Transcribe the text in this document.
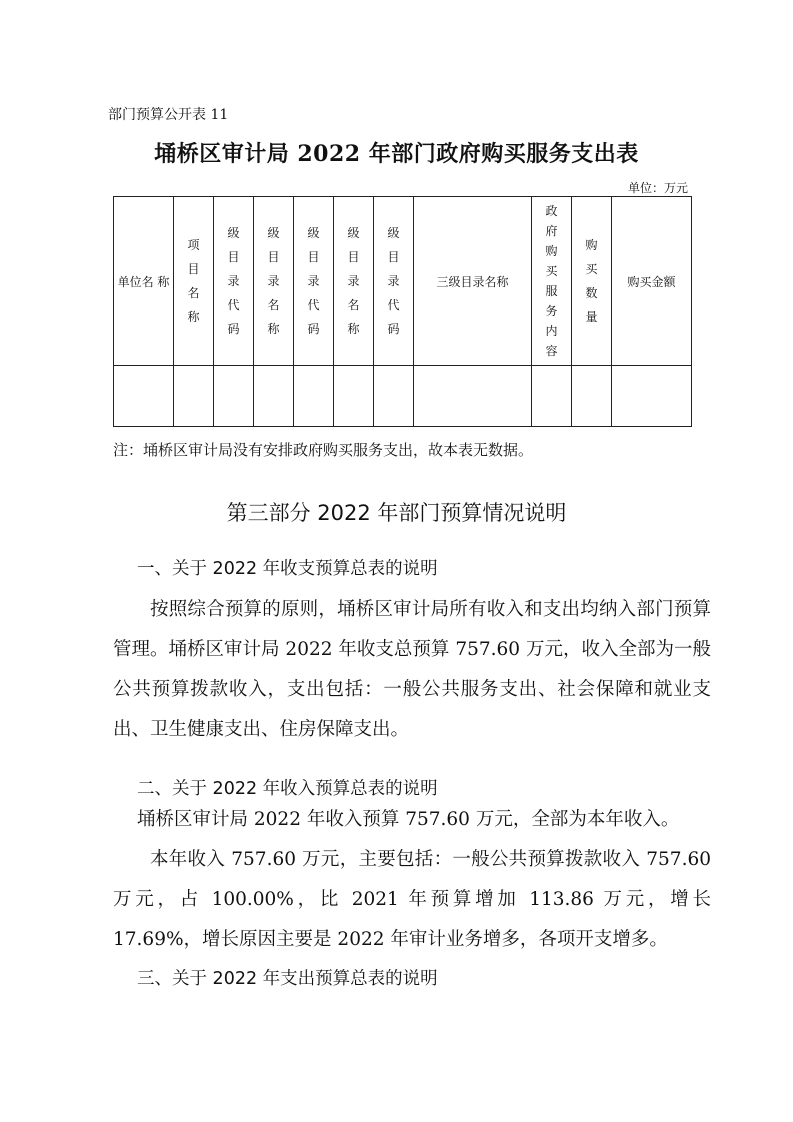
部门预算公开表 11
埇桥区审计局 2022 年部门政府购买服务支出表
单位：万元
单位名 称	项目名称	级目录代码	级目录名称	级目录代码	级目录名称	级目录代码	三级目录名称	政府购买服务内容	购买数量	购买金额

注：埇桥区审计局没有安排政府购买服务支出，故本表无数据。
第三部分 2022 年部门预算情况说明
一、关于 2022 年收支预算总表的说明

按照综合预算的原则，埇桥区审计局所有收入和支出均纳入部门预算管理。埇桥区审计局 2022 年收支总预算 757.60 万元，收入全部为一般公共预算拨款收入，支出包括：一般公共服务支出、社会保障和就业支出、卫生健康支出、住房保障支出。

二、关于 2022 年收入预算总表的说明

埇桥区审计局 2022 年收入预算 757.60 万元，全部为本年收入。

本年收入 757.60 万元，主要包括：一般公共预算拨款收入 757.60 万元，占 100.00%，比 2021 年预算增加 113.86 万元，增长 17.69%，增长原因主要是 2022 年审计业务增多，各项开支增多。

三、关于 2022 年支出预算总表的说明
